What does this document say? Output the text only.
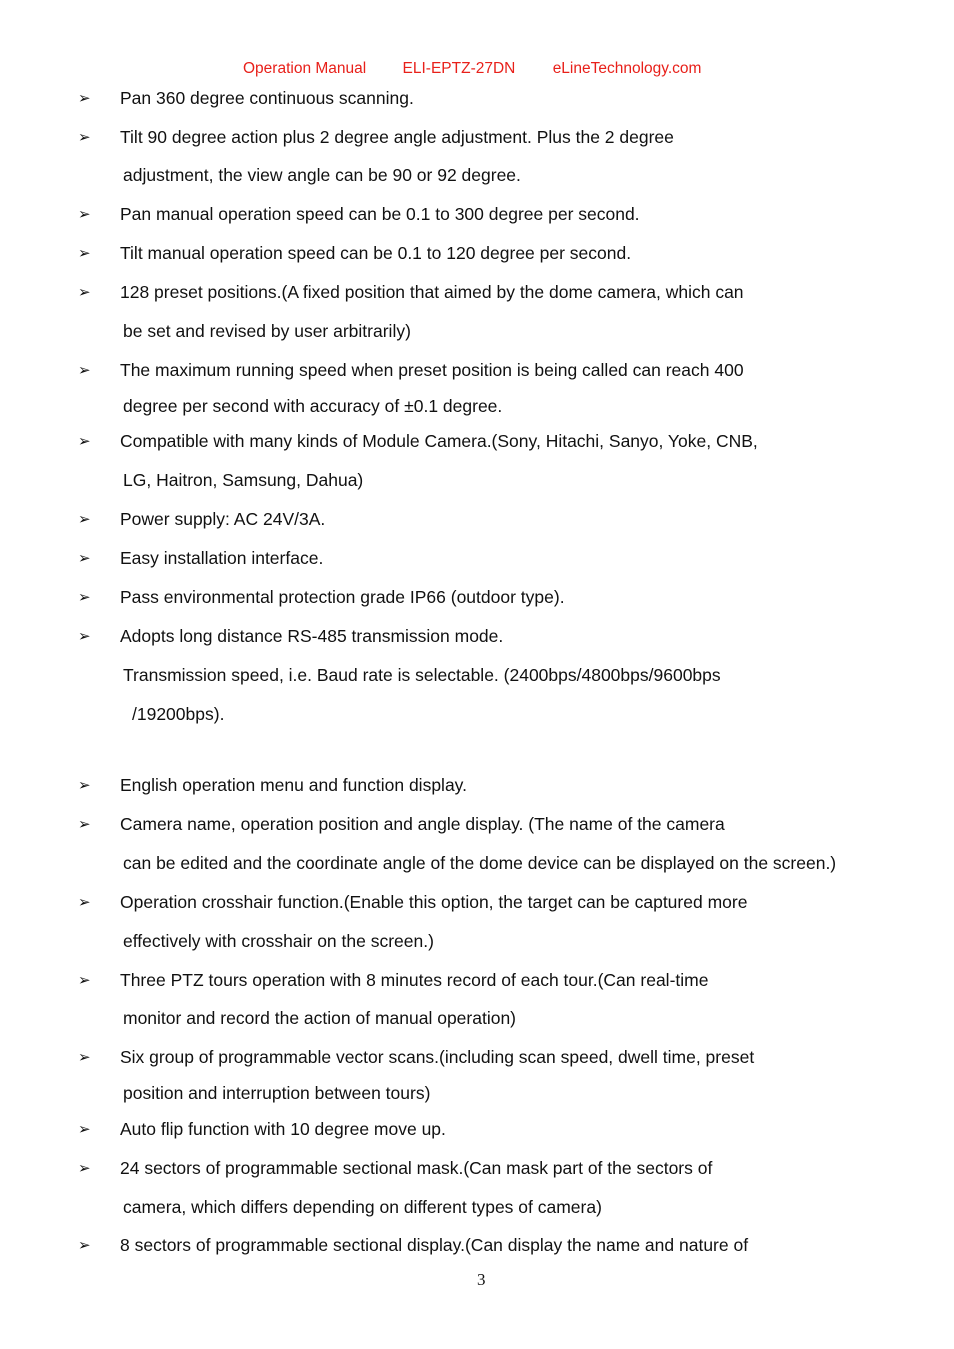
Operation Manual ELI-EPTZ-27DN eLineTechnology.com
➢ Pan 360 degree continuous scanning.
➢ Tilt 90 degree action plus 2 degree angle adjustment. Plus the 2 degree
adjustment, the view angle can be 90 or 92 degree.
➢ Pan manual operation speed can be 0.1 to 300 degree per second.
➢ Tilt manual operation speed can be 0.1 to 120 degree per second.
➢ 128 preset positions.(A fixed position that aimed by the dome camera, which can
be set and revised by user arbitrarily)
➢ The maximum running speed when preset position is being called can reach 400
degree per second with accuracy of ±0.1 degree.
➢ Compatible with many kinds of Module Camera.(Sony, Hitachi, Sanyo, Yoke, CNB,
LG, Haitron, Samsung, Dahua)
➢ Power supply: AC 24V/3A.
➢ Easy installation interface.
➢ Pass environmental protection grade IP66 (outdoor type).
➢ Adopts long distance RS-485 transmission mode.
Transmission speed, i.e. Baud rate is selectable. (2400bps/4800bps/9600bps
/19200bps).
➢ English operation menu and function display.
➢ Camera name, operation position and angle display. (The name of the camera
can be edited and the coordinate angle of the dome device can be displayed on the screen.)
➢ Operation crosshair function.(Enable this option, the target can be captured more
effectively with crosshair on the screen.)
➢ Three PTZ tours operation with 8 minutes record of each tour.(Can real-time
monitor and record the action of manual operation)
➢ Six group of programmable vector scans.(including scan speed, dwell time, preset
position and interruption between tours)
➢ Auto flip function with 10 degree move up.
➢ 24 sectors of programmable sectional mask.(Can mask part of the sectors of
camera, which differs depending on different types of camera)
➢ 8 sectors of programmable sectional display.(Can display the name and nature of
3
